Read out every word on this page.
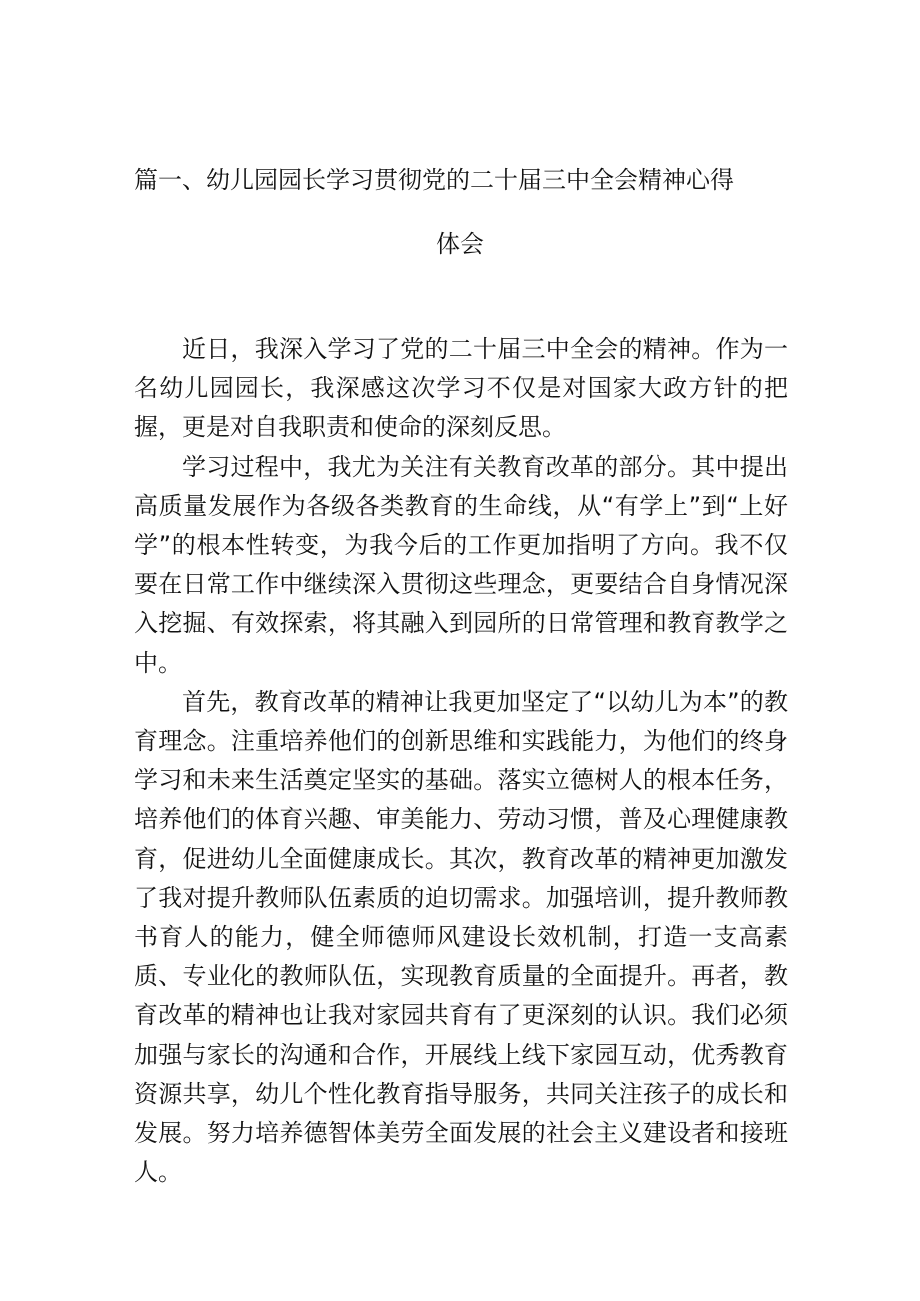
篇一、幼儿园园长学习贯彻党的二十届三中全会精神心得
体会

近日，我深入学习了党的二十届三中全会的精神。作为一名幼儿园园长，我深感这次学习不仅是对国家大政方针的把握，更是对自我职责和使命的深刻反思。

学习过程中，我尤为关注有关教育改革的部分。其中提出高质量发展作为各级各类教育的生命线，从“有学上”到“上好学”的根本性转变，为我今后的工作更加指明了方向。我不仅要在日常工作中继续深入贯彻这些理念，更要结合自身情况深入挖掘、有效探索，将其融入到园所的日常管理和教育教学之中。

首先，教育改革的精神让我更加坚定了“以幼儿为本”的教育理念。注重培养他们的创新思维和实践能力，为他们的终身学习和未来生活奠定坚实的基础。落实立德树人的根本任务，培养他们的体育兴趣、审美能力、劳动习惯，普及心理健康教育，促进幼儿全面健康成长。其次，教育改革的精神更加激发了我对提升教师队伍素质的迫切需求。加强培训，提升教师教书育人的能力，健全师德师风建设长效机制，打造一支高素质、专业化的教师队伍，实现教育质量的全面提升。再者，教育改革的精神也让我对家园共育有了更深刻的认识。我们必须加强与家长的沟通和合作，开展线上线下家园互动，优秀教育资源共享，幼儿个性化教育指导服务，共同关注孩子的成长和发展。努力培养德智体美劳全面发展的社会主义建设者和接班人。
